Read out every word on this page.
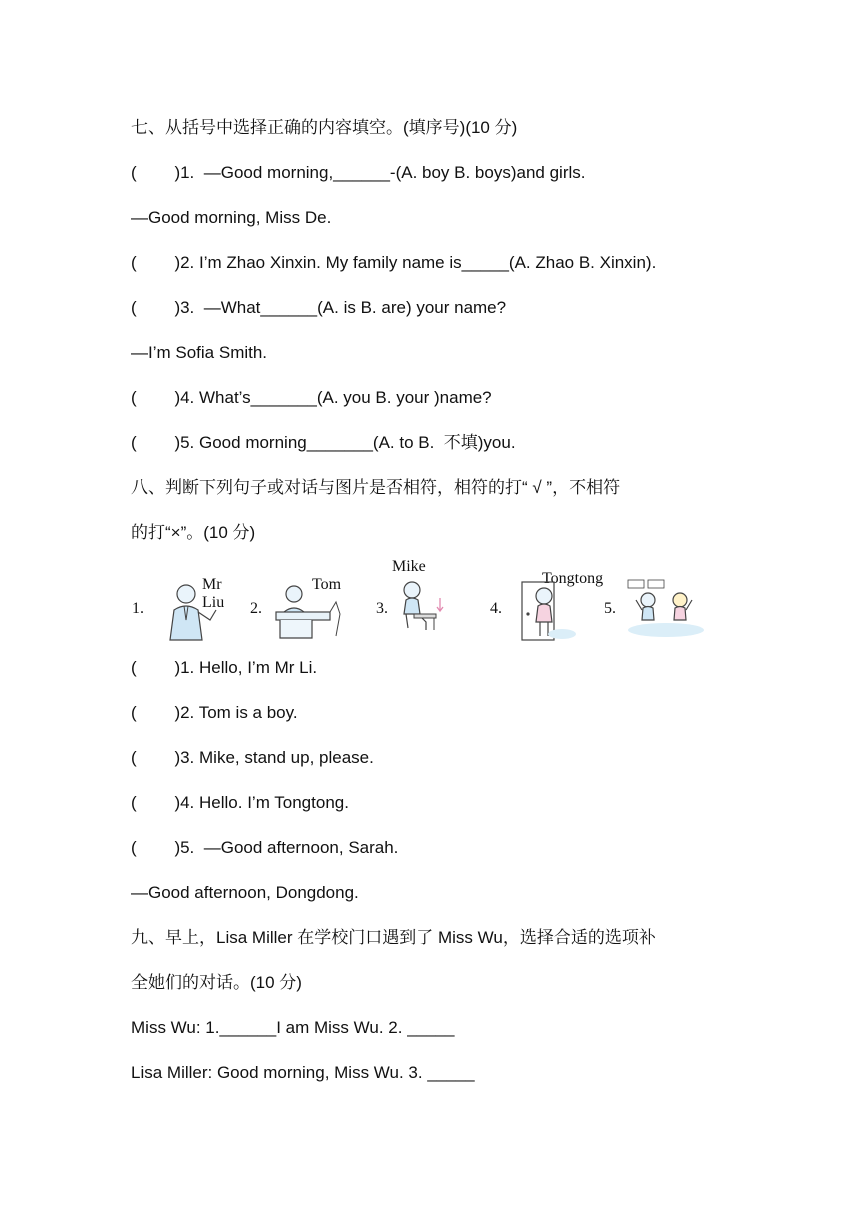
七、从括号中选择正确的内容填空。(填序号)(10 分)
(        )1.  —Good morning,______-(A. boy B. boys)and girls.
—Good morning, Miss De.
(        )2. I’m Zhao Xinxin. My family name is_____(A. Zhao B. Xinxin).
(        )3.  —What______(A. is B. are) your name?
—I’m Sofia Smith.
(        )4. What’s_______(A. you B. your )name?
(        )5. Good morning_______(A. to B.  不填)you.
八、判断下列句子或对话与图片是否相符，相符的打“ √ ”，不相符
的打“×”。(10 分)
1.
Mr Liu 2.
Tom
3.
Mike
4.
Tongtong
5.
(        )1. Hello, I’m Mr Li.
(        )2. Tom is a boy.
(        )3. Mike, stand up, please.
(        )4. Hello. I’m Tongtong.
(        )5.  —Good afternoon, Sarah.
—Good afternoon, Dongdong.
九、早上，Lisa Miller 在学校门口遇到了 Miss Wu，选择合适的选项补
全她们的对话。(10 分)
Miss Wu: 1.______I am Miss Wu. 2. _____
Lisa Miller: Good morning, Miss Wu. 3. _____
